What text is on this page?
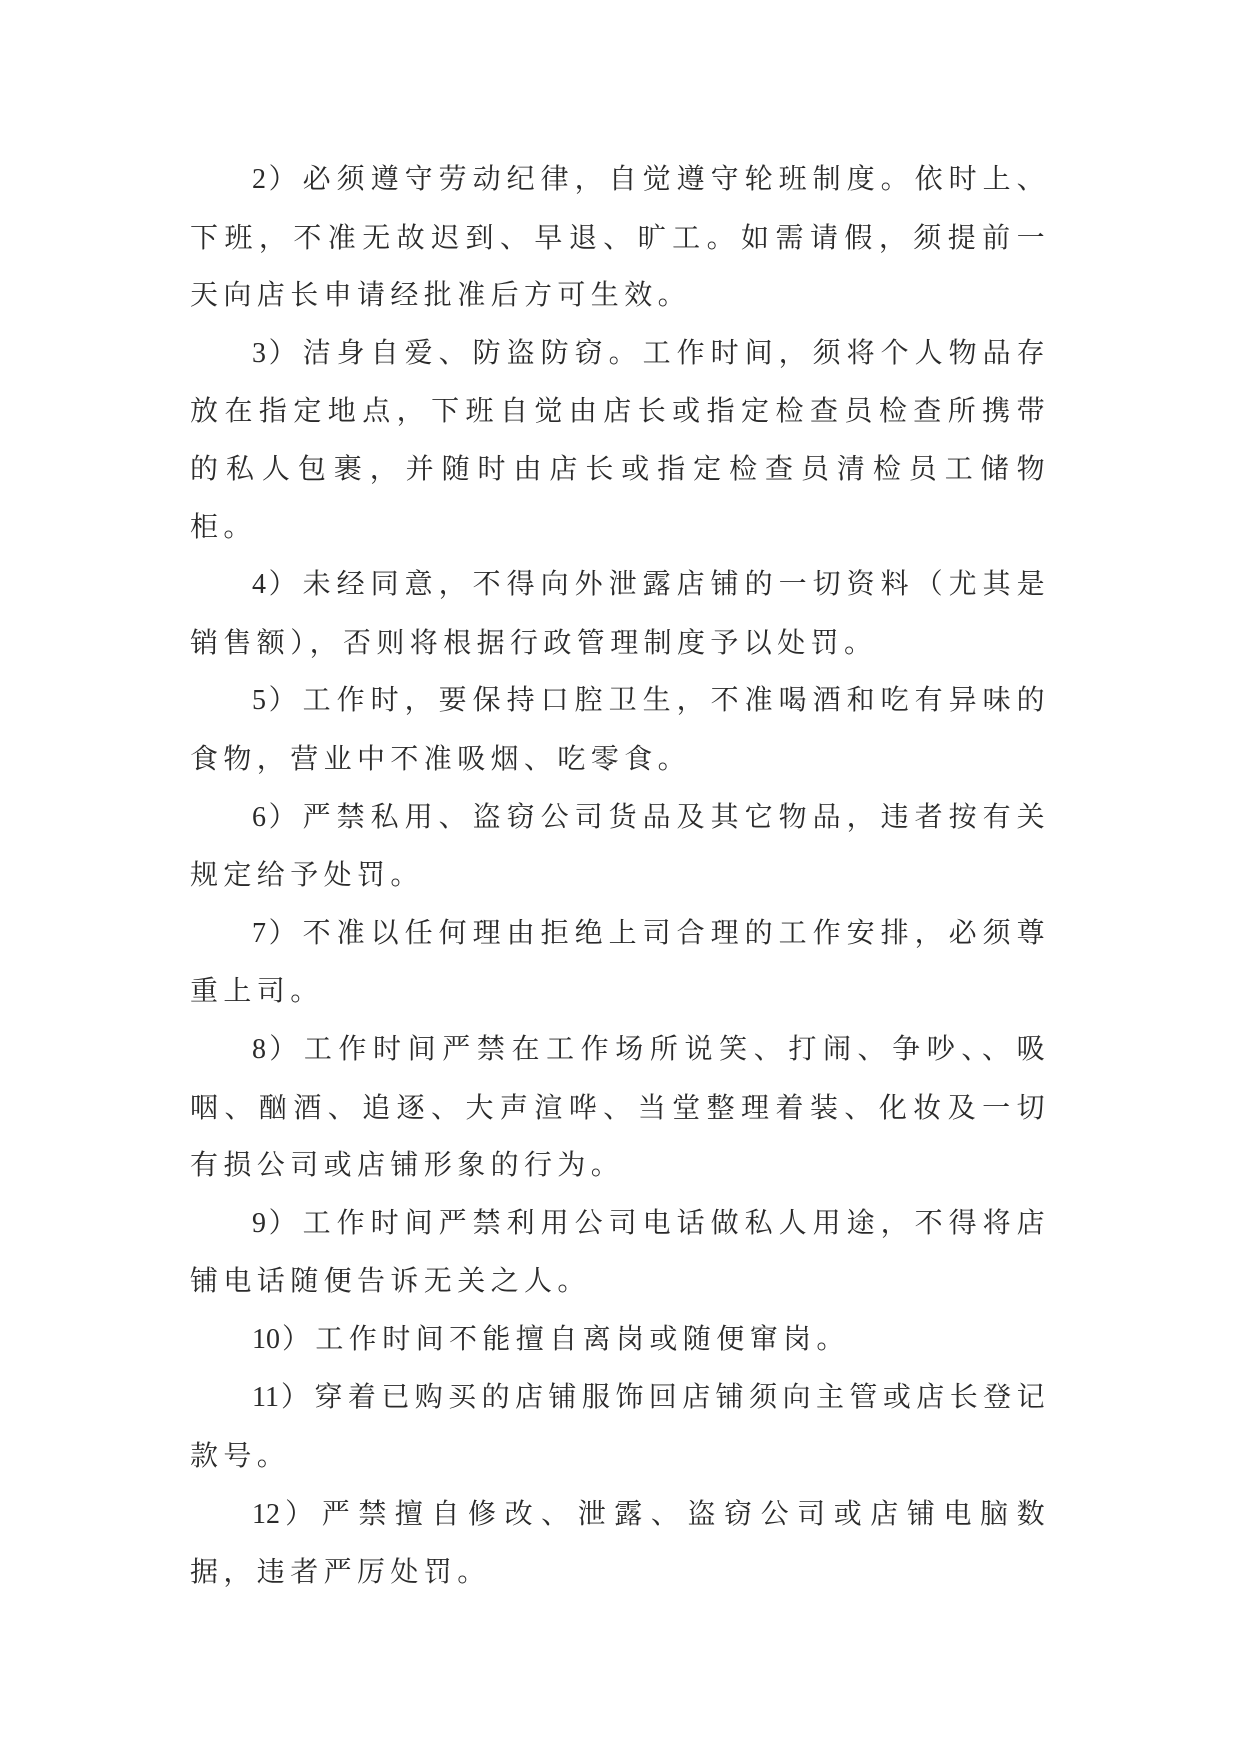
2）必须遵守劳动纪律，自觉遵守轮班制度。依时上、下班，不准无故迟到、早退、旷工。如需请假，须提前一天向店长申请经批准后方可生效。

3）洁身自爱、防盗防窃。工作时间，须将个人物品存放在指定地点，下班自觉由店长或指定检查员检查所携带的私人包裹，并随时由店长或指定检查员清检员工储物柜。

4）未经同意，不得向外泄露店铺的一切资料（尤其是销售额），否则将根据行政管理制度予以处罚。

5）工作时，要保持口腔卫生，不准喝酒和吃有异味的食物，营业中不准吸烟、吃零食。

6）严禁私用、盗窃公司货品及其它物品，违者按有关规定给予处罚。

7）不准以任何理由拒绝上司合理的工作安排，必须尊重上司。

8）工作时间严禁在工作场所说笑、打闹、争吵、、吸咽、酗酒、追逐、大声渲哗、当堂整理着装、化妆及一切有损公司或店铺形象的行为。

9）工作时间严禁利用公司电话做私人用途，不得将店铺电话随便告诉无关之人。

10）工作时间不能擅自离岗或随便窜岗。

11）穿着已购买的店铺服饰回店铺须向主管或店长登记款号。

12）严禁擅自修改、泄露、盗窃公司或店铺电脑数据，违者严厉处罚。
